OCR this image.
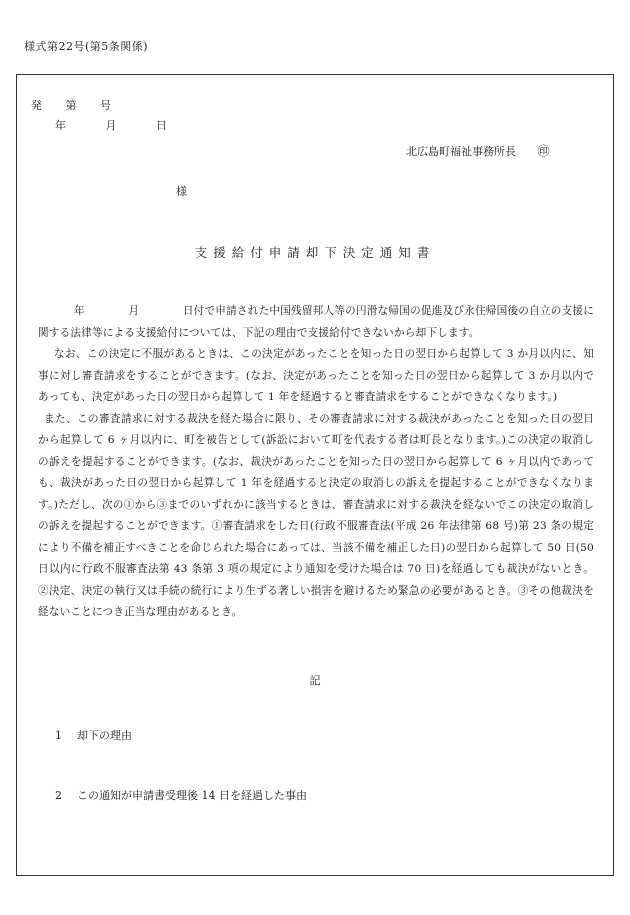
様式第22号(第5条関係)

発 第 号

年 月 日

北広島町福祉事務所長 ㊞
様
支援給付申請却下決定通知書

年 月 日付で申請された中国残留邦人等の円滑な帰国の促進及び永住帰国後の自立の支援に関する法律等による支援給付については、下記の理由で支援給付できないから却下します。

なお、この決定に不服があるときは、この決定があったことを知った日の翌日から起算して 3 か月以内に、知事に対し審査請求をすることができます。(なお、決定があったことを知った日の翌日から起算して 3 か月以内であっても、決定があった日の翌日から起算して 1 年を経過すると審査請求をすることができなくなります。)

また、この審査請求に対する裁決を経た場合に限り、その審査請求に対する裁決があったことを知った日の翌日から起算して 6 ヶ月以内に、町を被告として(訴訟において町を代表する者は町長となります。)この決定の取消しの訴えを提起することができます。(なお、裁決があったことを知った日の翌日から起算して 6 ヶ月以内であっても、裁決があった日の翌日から起算して 1 年を経過すると決定の取消しの訴えを提起することができなくなります。)ただし、次の①から③までのいずれかに該当するときは、審査請求に対する裁決を経ないでこの決定の取消しの訴えを提起することができます。①審査請求をした日(行政不服審査法(平成 26 年法律第 68 号)第 23 条の規定により不備を補正すべきことを命じられた場合にあっては、当該不備を補正した日)の翌日から起算して 50 日(50 日以内に行政不服審査法第 43 条第 3 項の規定により通知を受けた場合は 70 日)を経過しても裁決がないとき。②決定、決定の執行又は手続の続行により生ずる著しい損害を避けるため緊急の必要があるとき。③その他裁決を経ないことにつき正当な理由があるとき。

記

1 却下の理由

2 この通知が申請書受理後 14 日を経過した事由
